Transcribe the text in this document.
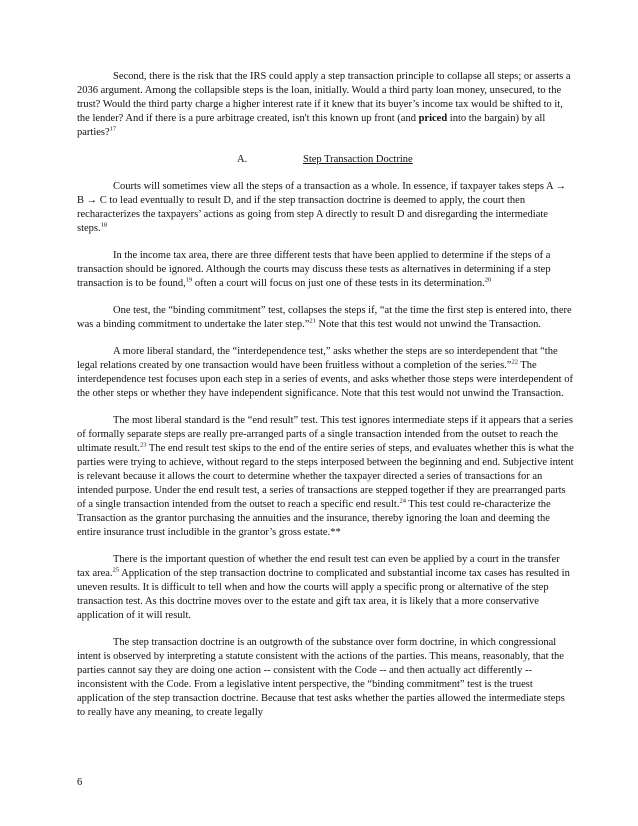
Second, there is the risk that the IRS could apply a step transaction principle to collapse all steps; or asserts a 2036 argument. Among the collapsible steps is the loan, initially. Would a third party loan money, unsecured, to the trust? Would the third party charge a higher interest rate if it knew that its buyer’s income tax would be shifted to it, the lender? And if there is a pure arbitrage created, isn't this known up front (and priced into the bargain) by all parties?$^{17}$

A.	Step Transaction Doctrine

Courts will sometimes view all the steps of a transaction as a whole. In essence, if taxpayer takes steps A → B → C to lead eventually to result D, and if the step transaction doctrine is deemed to apply, the court then recharacterizes the taxpayers’ actions as going from step A directly to result D and disregarding the intermediate steps.$^{18}$

In the income tax area, there are three different tests that have been applied to determine if the steps of a transaction should be ignored. Although the courts may discuss these tests as alternatives in determining if a step transaction is to be found,$^{19}$ often a court will focus on just one of these tests in its determination.$^{20}$

One test, the “binding commitment” test, collapses the steps if, “at the time the first step is entered into, there was a binding commitment to undertake the later step.”$^{21}$ Note that this test would not unwind the Transaction.

A more liberal standard, the “interdependence test,” asks whether the steps are so interdependent that “the legal relations created by one transaction would have been fruitless without a completion of the series.”$^{22}$ The interdependence test focuses upon each step in a series of events, and asks whether those steps were interdependent of the other steps or whether they have independent significance. Note that this test would not unwind the Transaction.

The most liberal standard is the “end result” test. This test ignores intermediate steps if it appears that a series of formally separate steps are really pre-arranged parts of a single transaction intended from the outset to reach the ultimate result.$^{23}$ The end result test skips to the end of the entire series of steps, and evaluates whether this is what the parties were trying to achieve, without regard to the steps interposed between the beginning and end. Subjective intent is relevant because it allows the court to determine whether the taxpayer directed a series of transactions for an intended purpose. Under the end result test, a series of transactions are stepped together if they are prearranged parts of a single transaction intended from the outset to reach a specific end result.$^{24}$ This test could re-characterize the Transaction as the grantor purchasing the annuities and the insurance, thereby ignoring the loan and deeming the entire insurance trust includible in the grantor’s gross estate.**

There is the important question of whether the end result test can even be applied by a court in the transfer tax area.$^{25}$ Application of the step transaction doctrine to complicated and substantial income tax cases has resulted in uneven results. It is difficult to tell when and how the courts will apply a specific prong or alternative of the step transaction test. As this doctrine moves over to the estate and gift tax area, it is likely that a more conservative application of it will result.

The step transaction doctrine is an outgrowth of the substance over form doctrine, in which congressional intent is observed by interpreting a statute consistent with the actions of the parties. This means, reasonably, that the parties cannot say they are doing one action -- consistent with the Code -- and then actually act differently -- inconsistent with the Code. From a legislative intent perspective, the “binding commitment” test is the truest application of the step transaction doctrine. Because that test asks whether the parties allowed the intermediate steps to really have any meaning, to create legally

6
